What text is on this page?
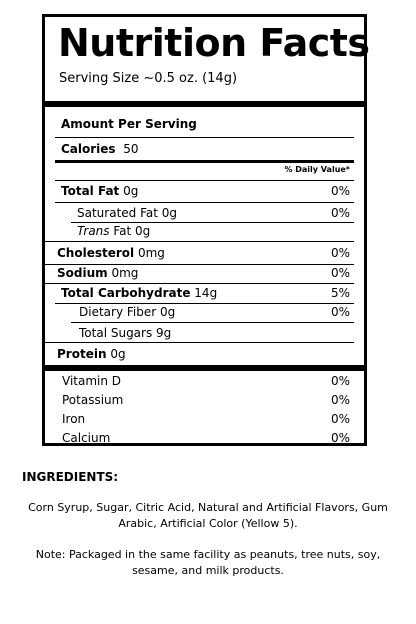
Nutrition Facts
Serving Size ~0.5 oz. (14g)
Amount Per Serving
Calories 50
% Daily Value*
Total Fat 0g	0%
Saturated Fat 0g	0%
Trans Fat 0g
Cholesterol 0mg	0%
Sodium 0mg	0%
Total Carbohydrate 14g	5%
Dietary Fiber 0g	0%
Total Sugars 9g
Protein 0g
Vitamin D	0%
Potassium	0%
Iron	0%
Calcium	0%
INGREDIENTS:
Corn Syrup, Sugar, Citric Acid, Natural and Artificial Flavors, Gum Arabic, Artificial Color (Yellow 5).
Note: Packaged in the same facility as peanuts, tree nuts, soy, sesame, and milk products.
